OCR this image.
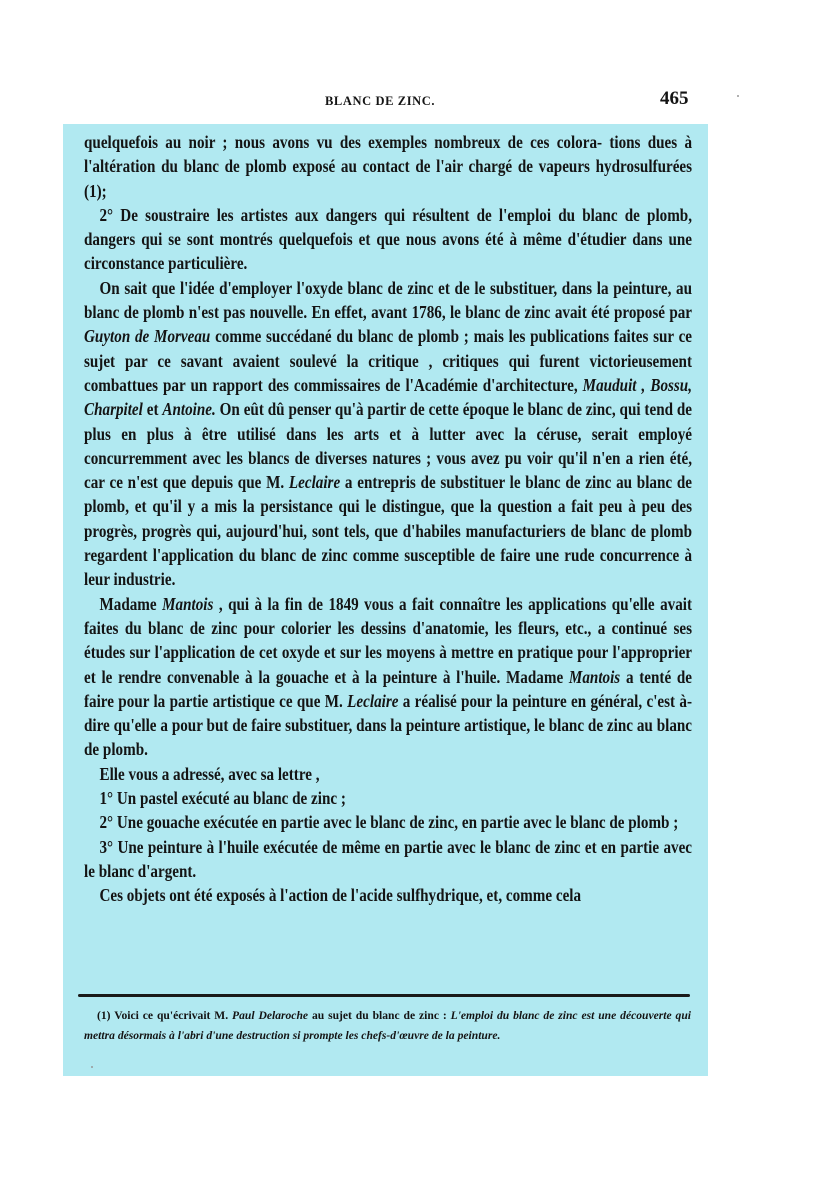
BLANC DE ZINC.	465

quelquefois au noir ; nous avons vu des exemples nombreux de ces colora- tions dues à l'altération du blanc de plomb exposé au contact de l'air chargé de vapeurs hydrosulfurées (1);

2° De soustraire les artistes aux dangers qui résultent de l'emploi du blanc de plomb, dangers qui se sont montrés quelquefois et que nous avons été à même d'étudier dans une circonstance particulière.

On sait que l'idée d'employer l'oxyde blanc de zinc et de le substituer, dans la peinture, au blanc de plomb n'est pas nouvelle. En effet, avant 1786, le blanc de zinc avait été proposé par Guyton de Morveau comme succédané du blanc de plomb ; mais les publications faites sur ce sujet par ce savant avaient soulevé la critique , critiques qui furent victorieusement combattues par un rapport des commissaires de l'Académie d'architecture, Mauduit , Bossu, Charpitel et Antoine. On eût dû penser qu'à partir de cette époque le blanc de zinc, qui tend de plus en plus à être utilisé dans les arts et à lutter avec la céruse, serait employé concurremment avec les blancs de diverses natures ; vous avez pu voir qu'il n'en a rien été, car ce n'est que depuis que M. Leclaire a entrepris de substituer le blanc de zinc au blanc de plomb, et qu'il y a mis la persistance qui le distingue, que la question a fait peu à peu des progrès, progrès qui, aujourd'hui, sont tels, que d'habiles manufacturiers de blanc de plomb regardent l'application du blanc de zinc comme susceptible de faire une rude concurrence à leur industrie.

Madame Mantois , qui à la fin de 1849 vous a fait connaître les applications qu'elle avait faites du blanc de zinc pour colorier les dessins d'anatomie, les fleurs, etc., a continué ses études sur l'application de cet oxyde et sur les moyens à mettre en pratique pour l'approprier et le rendre convenable à la gouache et à la peinture à l'huile. Madame Mantois a tenté de faire pour la partie artistique ce que M. Leclaire a réalisé pour la peinture en général, c'est à-dire qu'elle a pour but de faire substituer, dans la peinture artistique, le blanc de zinc au blanc de plomb.

Elle vous a adressé, avec sa lettre ,

1° Un pastel exécuté au blanc de zinc ;

2° Une gouache exécutée en partie avec le blanc de zinc, en partie avec le blanc de plomb ;

3° Une peinture à l'huile exécutée de même en partie avec le blanc de zinc et en partie avec le blanc d'argent.

Ces objets ont été exposés à l'action de l'acide sulfhydrique, et, comme cela

(1) Voici ce qu'écrivait M. Paul Delaroche au sujet du blanc de zinc : L'emploi du blanc de zinc est une découverte qui mettra désormais à l'abri d'une destruction si prompte les chefs-d'œuvre de la peinture.
